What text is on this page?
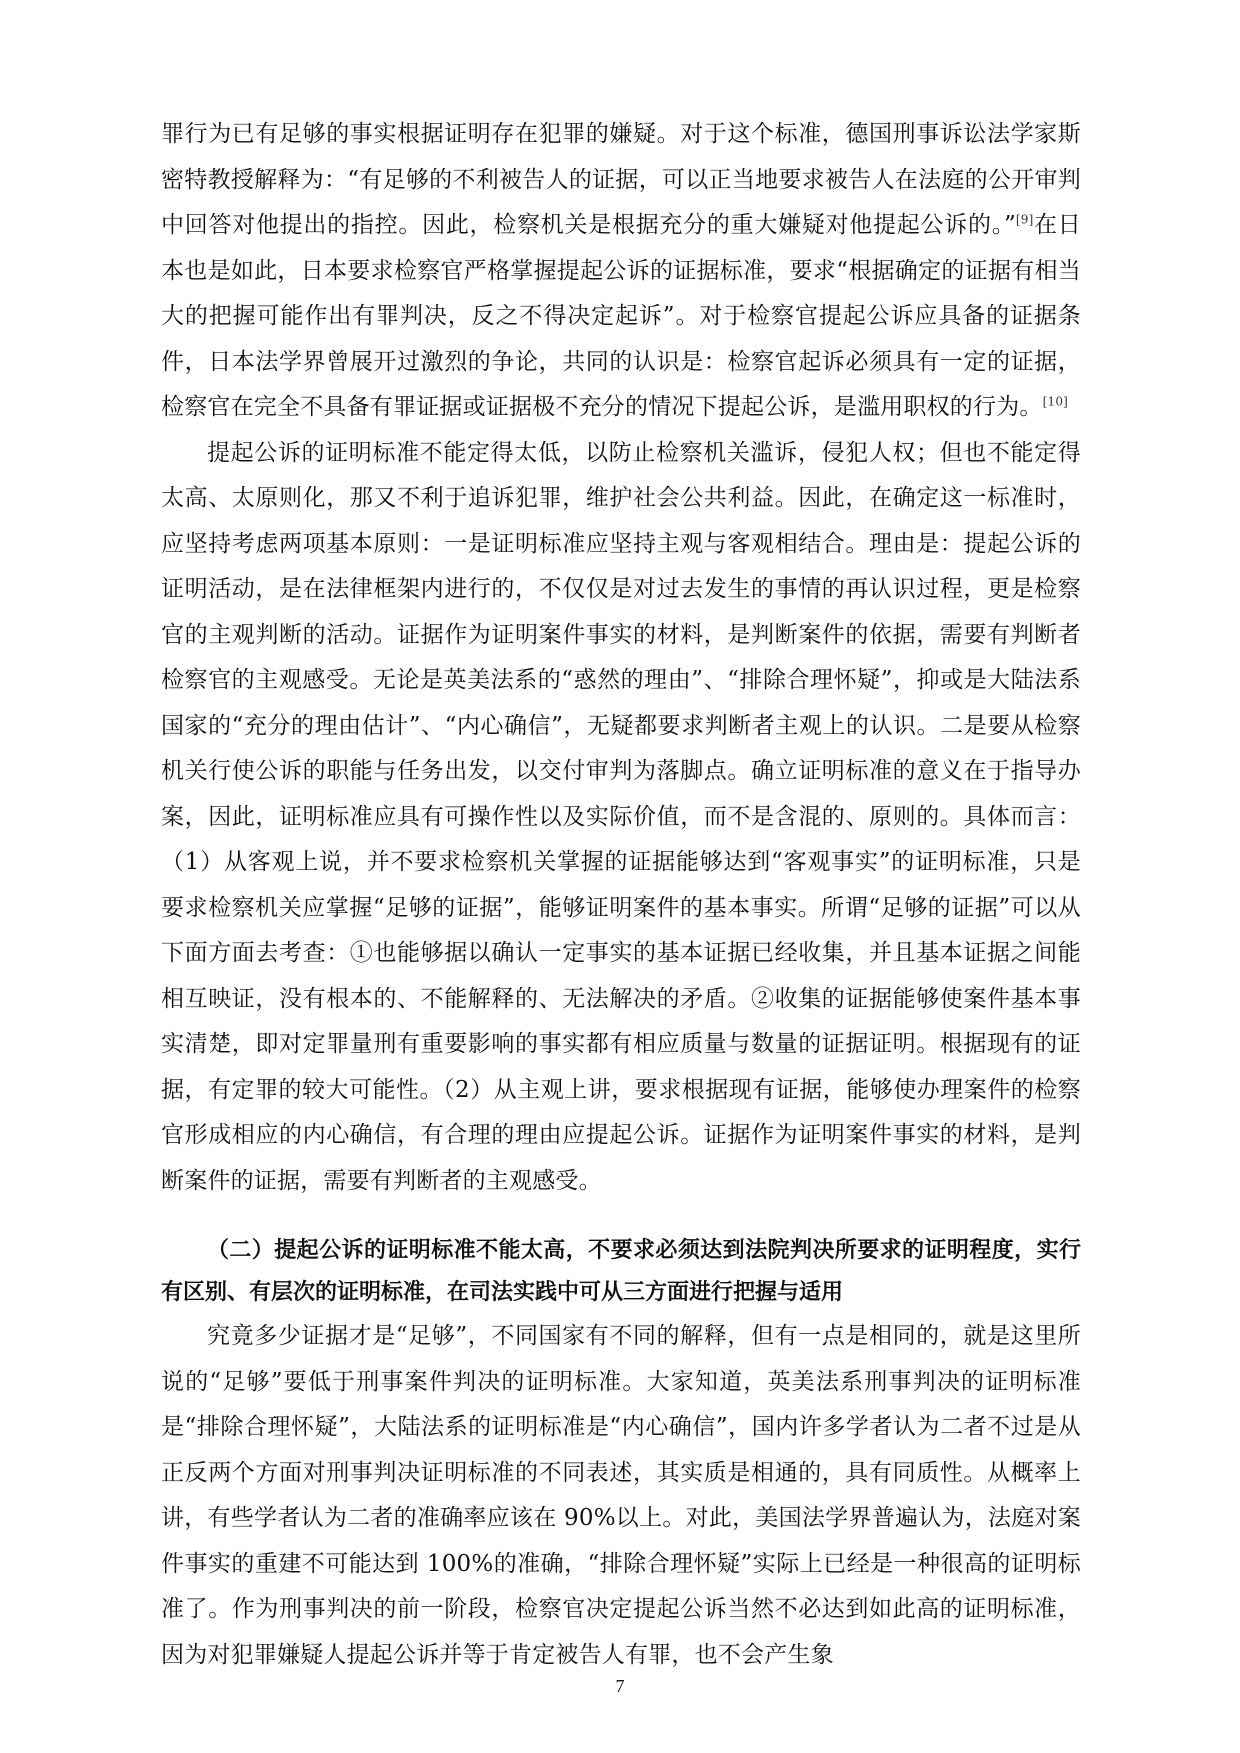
罪行为已有足够的事实根据证明存在犯罪的嫌疑。对于这个标准，德国刑事诉讼法学家斯密特教授解释为：“有足够的不利被告人的证据，可以正当地要求被告人在法庭的公开审判中回答对他提出的指控。因此，检察机关是根据充分的重大嫌疑对他提起公诉的。”[9]在日本也是如此，日本要求检察官严格掌握提起公诉的证据标准，要求“根据确定的证据有相当大的把握可能作出有罪判决，反之不得决定起诉”。对于检察官提起公诉应具备的证据条件，日本法学界曾展开过激烈的争论，共同的认识是：检察官起诉必须具有一定的证据，检察官在完全不具备有罪证据或证据极不充分的情况下提起公诉，是滥用职权的行为。[10]

提起公诉的证明标准不能定得太低，以防止检察机关滥诉，侵犯人权；但也不能定得太高、太原则化，那又不利于追诉犯罪，维护社会公共利益。因此，在确定这一标准时，应坚持考虑两项基本原则：一是证明标准应坚持主观与客观相结合。理由是：提起公诉的证明活动，是在法律框架内进行的，不仅仅是对过去发生的事情的再认识过程，更是检察官的主观判断的活动。证据作为证明案件事实的材料，是判断案件的依据，需要有判断者检察官的主观感受。无论是英美法系的“惑然的理由”、“排除合理怀疑”，抑或是大陆法系国家的“充分的理由估计”、“内心确信”，无疑都要求判断者主观上的认识。二是要从检察机关行使公诉的职能与任务出发，以交付审判为落脚点。确立证明标准的意义在于指导办案，因此，证明标准应具有可操作性以及实际价值，而不是含混的、原则的。具体而言：（1）从客观上说，并不要求检察机关掌握的证据能够达到“客观事实”的证明标准，只是要求检察机关应掌握“足够的证据”，能够证明案件的基本事实。所谓“足够的证据”可以从下面方面去考查：①也能够据以确认一定事实的基本证据已经收集，并且基本证据之间能相互映证，没有根本的、不能解释的、无法解决的矛盾。②收集的证据能够使案件基本事实清楚，即对定罪量刑有重要影响的事实都有相应质量与数量的证据证明。根据现有的证据，有定罪的较大可能性。（2）从主观上讲，要求根据现有证据，能够使办理案件的检察官形成相应的内心确信，有合理的理由应提起公诉。证据作为证明案件事实的材料，是判断案件的证据，需要有判断者的主观感受。

（二）提起公诉的证明标准不能太高，不要求必须达到法院判决所要求的证明程度，实行有区别、有层次的证明标准，在司法实践中可从三方面进行把握与适用

究竟多少证据才是“足够”，不同国家有不同的解释，但有一点是相同的，就是这里所说的“足够”要低于刑事案件判决的证明标准。大家知道，英美法系刑事判决的证明标准是“排除合理怀疑”，大陆法系的证明标准是“内心确信”，国内许多学者认为二者不过是从正反两个方面对刑事判决证明标准的不同表述，其实质是相通的，具有同质性。从概率上讲，有些学者认为二者的准确率应该在 90%以上。对此，美国法学界普遍认为，法庭对案件事实的重建不可能达到 100%的准确，“排除合理怀疑”实际上已经是一种很高的证明标准了。作为刑事判决的前一阶段，检察官决定提起公诉当然不必达到如此高的证明标准，因为对犯罪嫌疑人提起公诉并等于肯定被告人有罪，也不会产生象

7
